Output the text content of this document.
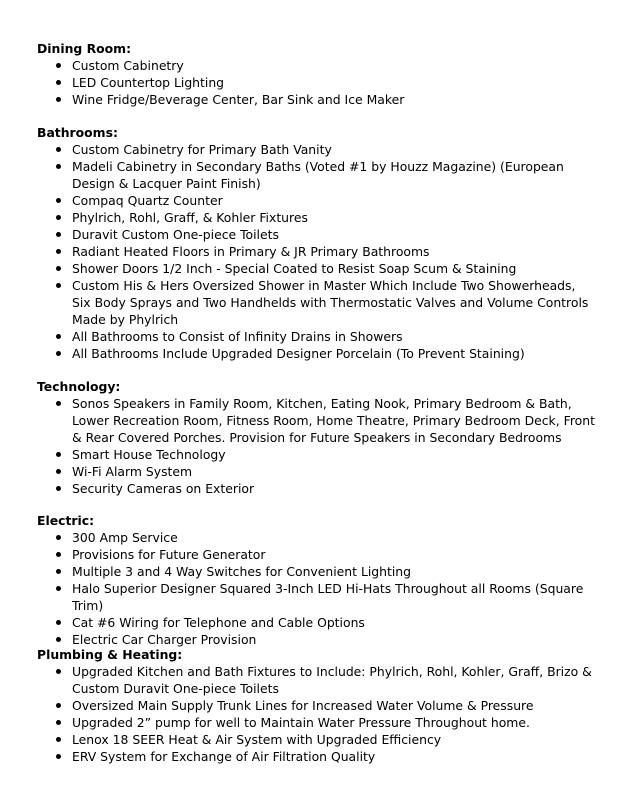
Dining Room:
Custom Cabinetry
LED Countertop Lighting
Wine Fridge/Beverage Center, Bar Sink and Ice Maker
Bathrooms:
Custom Cabinetry for Primary Bath Vanity
Madeli Cabinetry in Secondary Baths (Voted #1 by Houzz Magazine) (European Design & Lacquer Paint Finish)
Compaq Quartz Counter
Phylrich, Rohl, Graff, & Kohler Fixtures
Duravit Custom One-piece Toilets
Radiant Heated Floors in Primary & JR Primary Bathrooms
Shower Doors 1/2 Inch - Special Coated to Resist Soap Scum & Staining
Custom His & Hers Oversized Shower in Master Which Include Two Showerheads, Six Body Sprays and Two Handhelds with Thermostatic Valves and Volume Controls Made by Phylrich
All Bathrooms to Consist of Infinity Drains in Showers
All Bathrooms Include Upgraded Designer Porcelain (To Prevent Staining)
Technology:
Sonos Speakers in Family Room, Kitchen, Eating Nook, Primary Bedroom & Bath, Lower Recreation Room, Fitness Room, Home Theatre, Primary Bedroom Deck, Front & Rear Covered Porches. Provision for Future Speakers in Secondary Bedrooms
Smart House Technology
Wi-Fi Alarm System
Security Cameras on Exterior
Electric:
300 Amp Service
Provisions for Future Generator
Multiple 3 and 4 Way Switches for Convenient Lighting
Halo Superior Designer Squared 3-Inch LED Hi-Hats Throughout all Rooms (Square Trim)
Cat #6 Wiring for Telephone and Cable Options
Electric Car Charger Provision
Plumbing & Heating:
Upgraded Kitchen and Bath Fixtures to Include: Phylrich, Rohl, Kohler, Graff, Brizo & Custom Duravit One-piece Toilets
Oversized Main Supply Trunk Lines for Increased Water Volume & Pressure
Upgraded 2” pump for well to Maintain Water Pressure Throughout home.
Lenox 18 SEER Heat & Air System with Upgraded Efficiency
ERV System for Exchange of Air Filtration Quality
